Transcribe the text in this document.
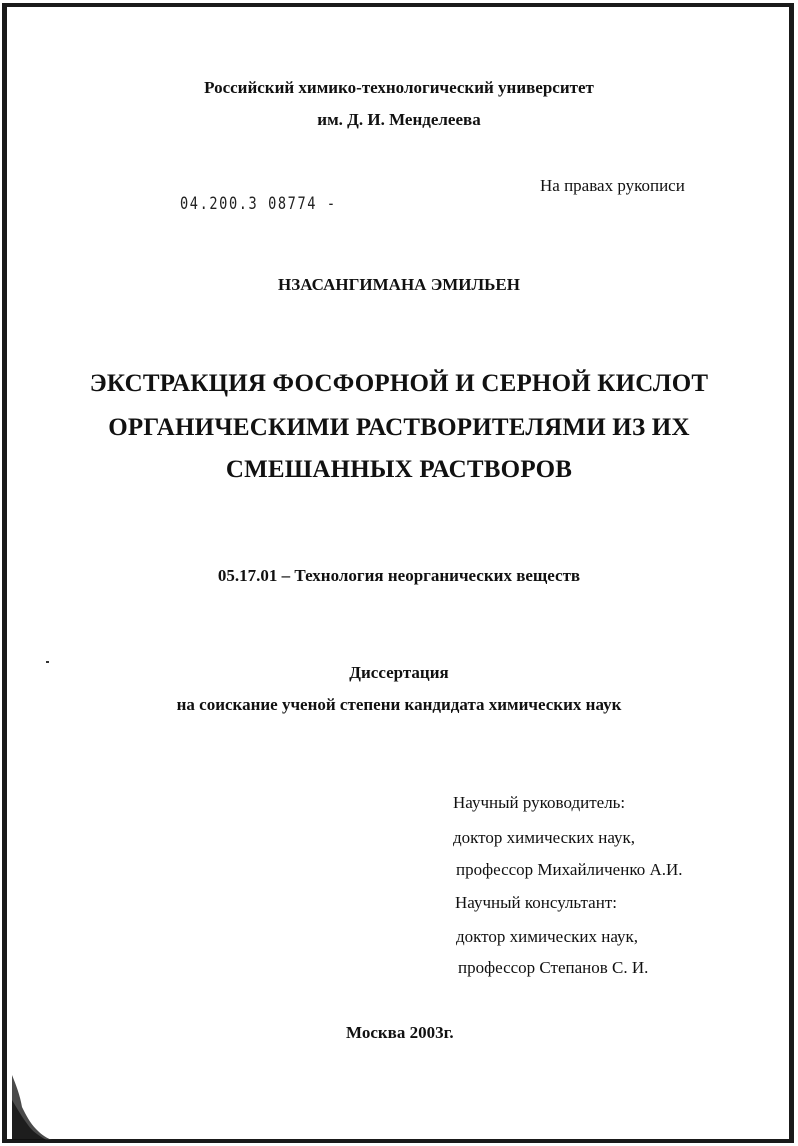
Российский химико-технологический университет
им. Д. И. Менделеева
На правах рукописи
04.200.3 08774 -
НЗАСАНГИМАНА ЭМИЛЬЕН
ЭКСТРАКЦИЯ ФОСФОРНОЙ И СЕРНОЙ КИСЛОТ
ОРГАНИЧЕСКИМИ РАСТВОРИТЕЛЯМИ ИЗ ИХ
СМЕШАННЫХ РАСТВОРОВ
05.17.01 – Технология неорганических веществ
Диссертация
на соискание ученой степени кандидата химических наук
Научный руководитель:
доктор химических наук,
профессор Михайличенко А.И.
Научный консультант:
доктор химических наук,
профессор Степанов С. И.
Москва 2003г.
